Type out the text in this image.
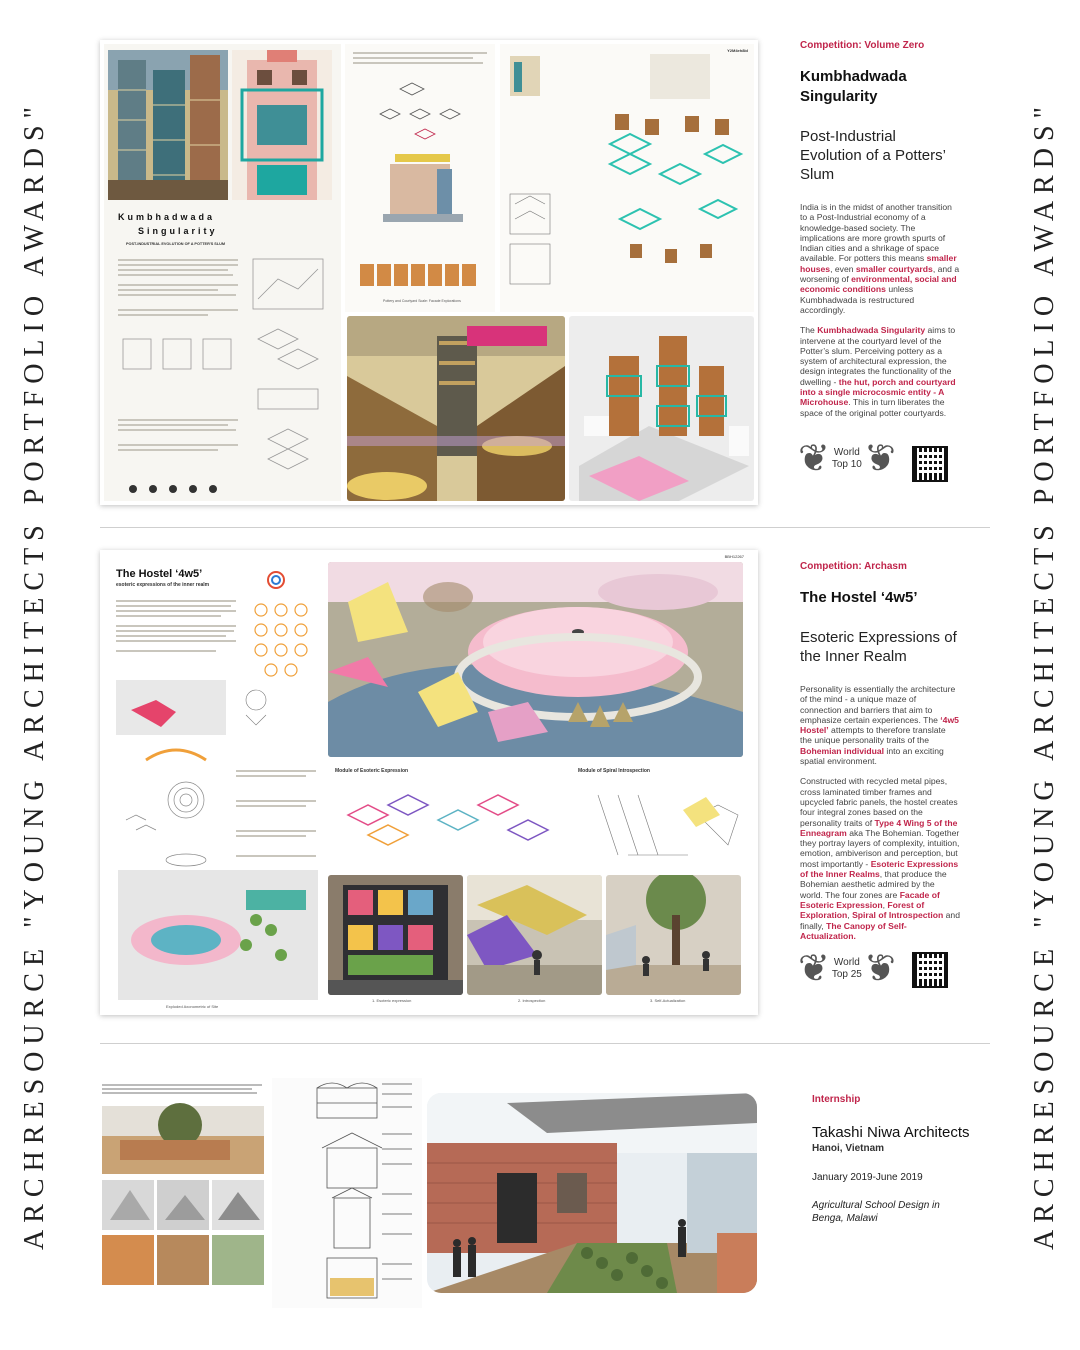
ARCHRESOURCE "YOUNG ARCHITECTS PORTFOLIO AWARDS"	ARCHRESOURCE "YOUNG ARCHITECTS PORTFOLIO AWARDS"
Kumbhadwada
Singularity
POST-INDUSTRIAL EVOLUTION OF A POTTER'S SLUM
Pottery and Courtyard Scale: Facade Explorations
Y2M4eh8bI	Competition: Volume Zero

Kumbhadwada Singularity

Post-Industrial Evolution of a Potters’ Slum

India is in the midst of another transition to a Post-Industrial economy of a knowledge-based society. The implications are more growth spurts of Indian cities and a shrikage of space available. For potters this means smaller houses, even smaller courtyards, and a worsening of environmental, social and economic conditions unless Kumbhadwada is restructured accordingly.

The Kumbhadwada Singularity aims to intervene at the courtyard level of the Potter’s slum. Perceiving pottery as a system of architectural expression, the design integrates the functionality of the dwelling - the hut, porch and courtyard into a single microcosmic entity - A Microhouse. This in turn liberates the space of the original potter courtyards.

❦ World
Top 10 ❦
BBH12267
The Hostel ‘4w5’
esoteric expressions of the inner realm
Exploded Axonometric of Site
Module of Esoteric Expression	Module of Spiral Introspection
1. Esoteric expression	2. Introspection	3. Self-Actualization

Competition: Archasm

The Hostel ‘4w5’

Esoteric Expressions of the Inner Realm

Personality is essentially the architecture of the mind - a unique maze of connection and barriers that aim to emphasize certain experiences. The ‘4w5 Hostel’ attempts to therefore translate the unique personality traits of the Bohemian individual into an exciting spatial environment.

Constructed with recycled metal pipes, cross laminated timber frames and upcycled fabric panels, the hostel creates four integral zones based on the personality traits of Type 4 Wing 5 of the Enneagram aka The Bohemian. Together they portray layers of complexity, intuition, emotion, ambiverison and perception, but most importantly - Esoteric Expressions of the Inner Realms, that produce the Bohemian aesthetic admired by the world. The four zones are Facade of Esoteric Expression, Forest of Exploration, Spiral of Introspection and finally, The Canopy of Self-Actualization.

❦ World
Top 25 ❦

Internship

Takashi Niwa Architects

Hanoi, Vietnam

January 2019-June 2019

Agricultural School Design in Benga, Malawi
